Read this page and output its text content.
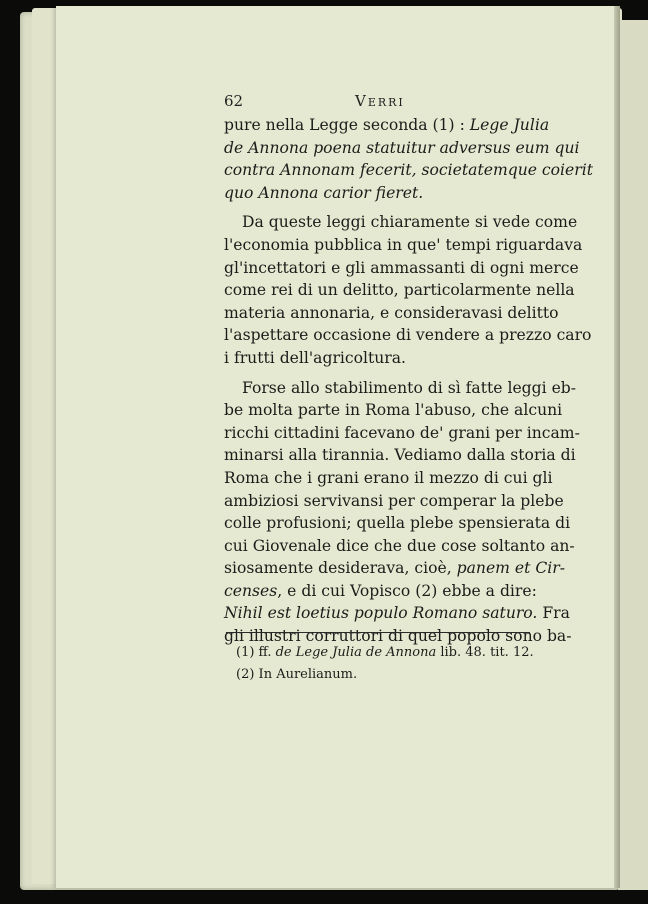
62	Verri
pure nella Legge seconda (1) : Lege Julia
de Annona poena statuitur adversus eum qui
contra Annonam fecerit, societatemque coierit
quo Annona carior fieret.
Da queste leggi chiaramente si vede come
l'economia pubblica in que' tempi riguardava
gl'incettatori e gli ammassanti di ogni merce
come rei di un delitto, particolarmente nella
materia annonaria, e consideravasi delitto
l'aspettare occasione di vendere a prezzo caro
i frutti dell'agricoltura.
Forse allo stabilimento di sì fatte leggi eb-
be molta parte in Roma l'abuso, che alcuni
ricchi cittadini facevano de' grani per incam-
minarsi alla tirannia. Vediamo dalla storia di
Roma che i grani erano il mezzo di cui gli
ambiziosi servivansi per comperar la plebe
colle profusioni; quella plebe spensierata di
cui Giovenale dice che due cose soltanto an-
siosamente desiderava, cioè, panem et Cir-
censes, e di cui Vopisco (2) ebbe a dire:
Nihil est loetius populo Romano saturo. Fra
gli illustri corruttori di quel popolo sono ba-
(1) ff. de Lege Julia de Annona lib. 48. tit. 12.
(2) In Aurelianum.
